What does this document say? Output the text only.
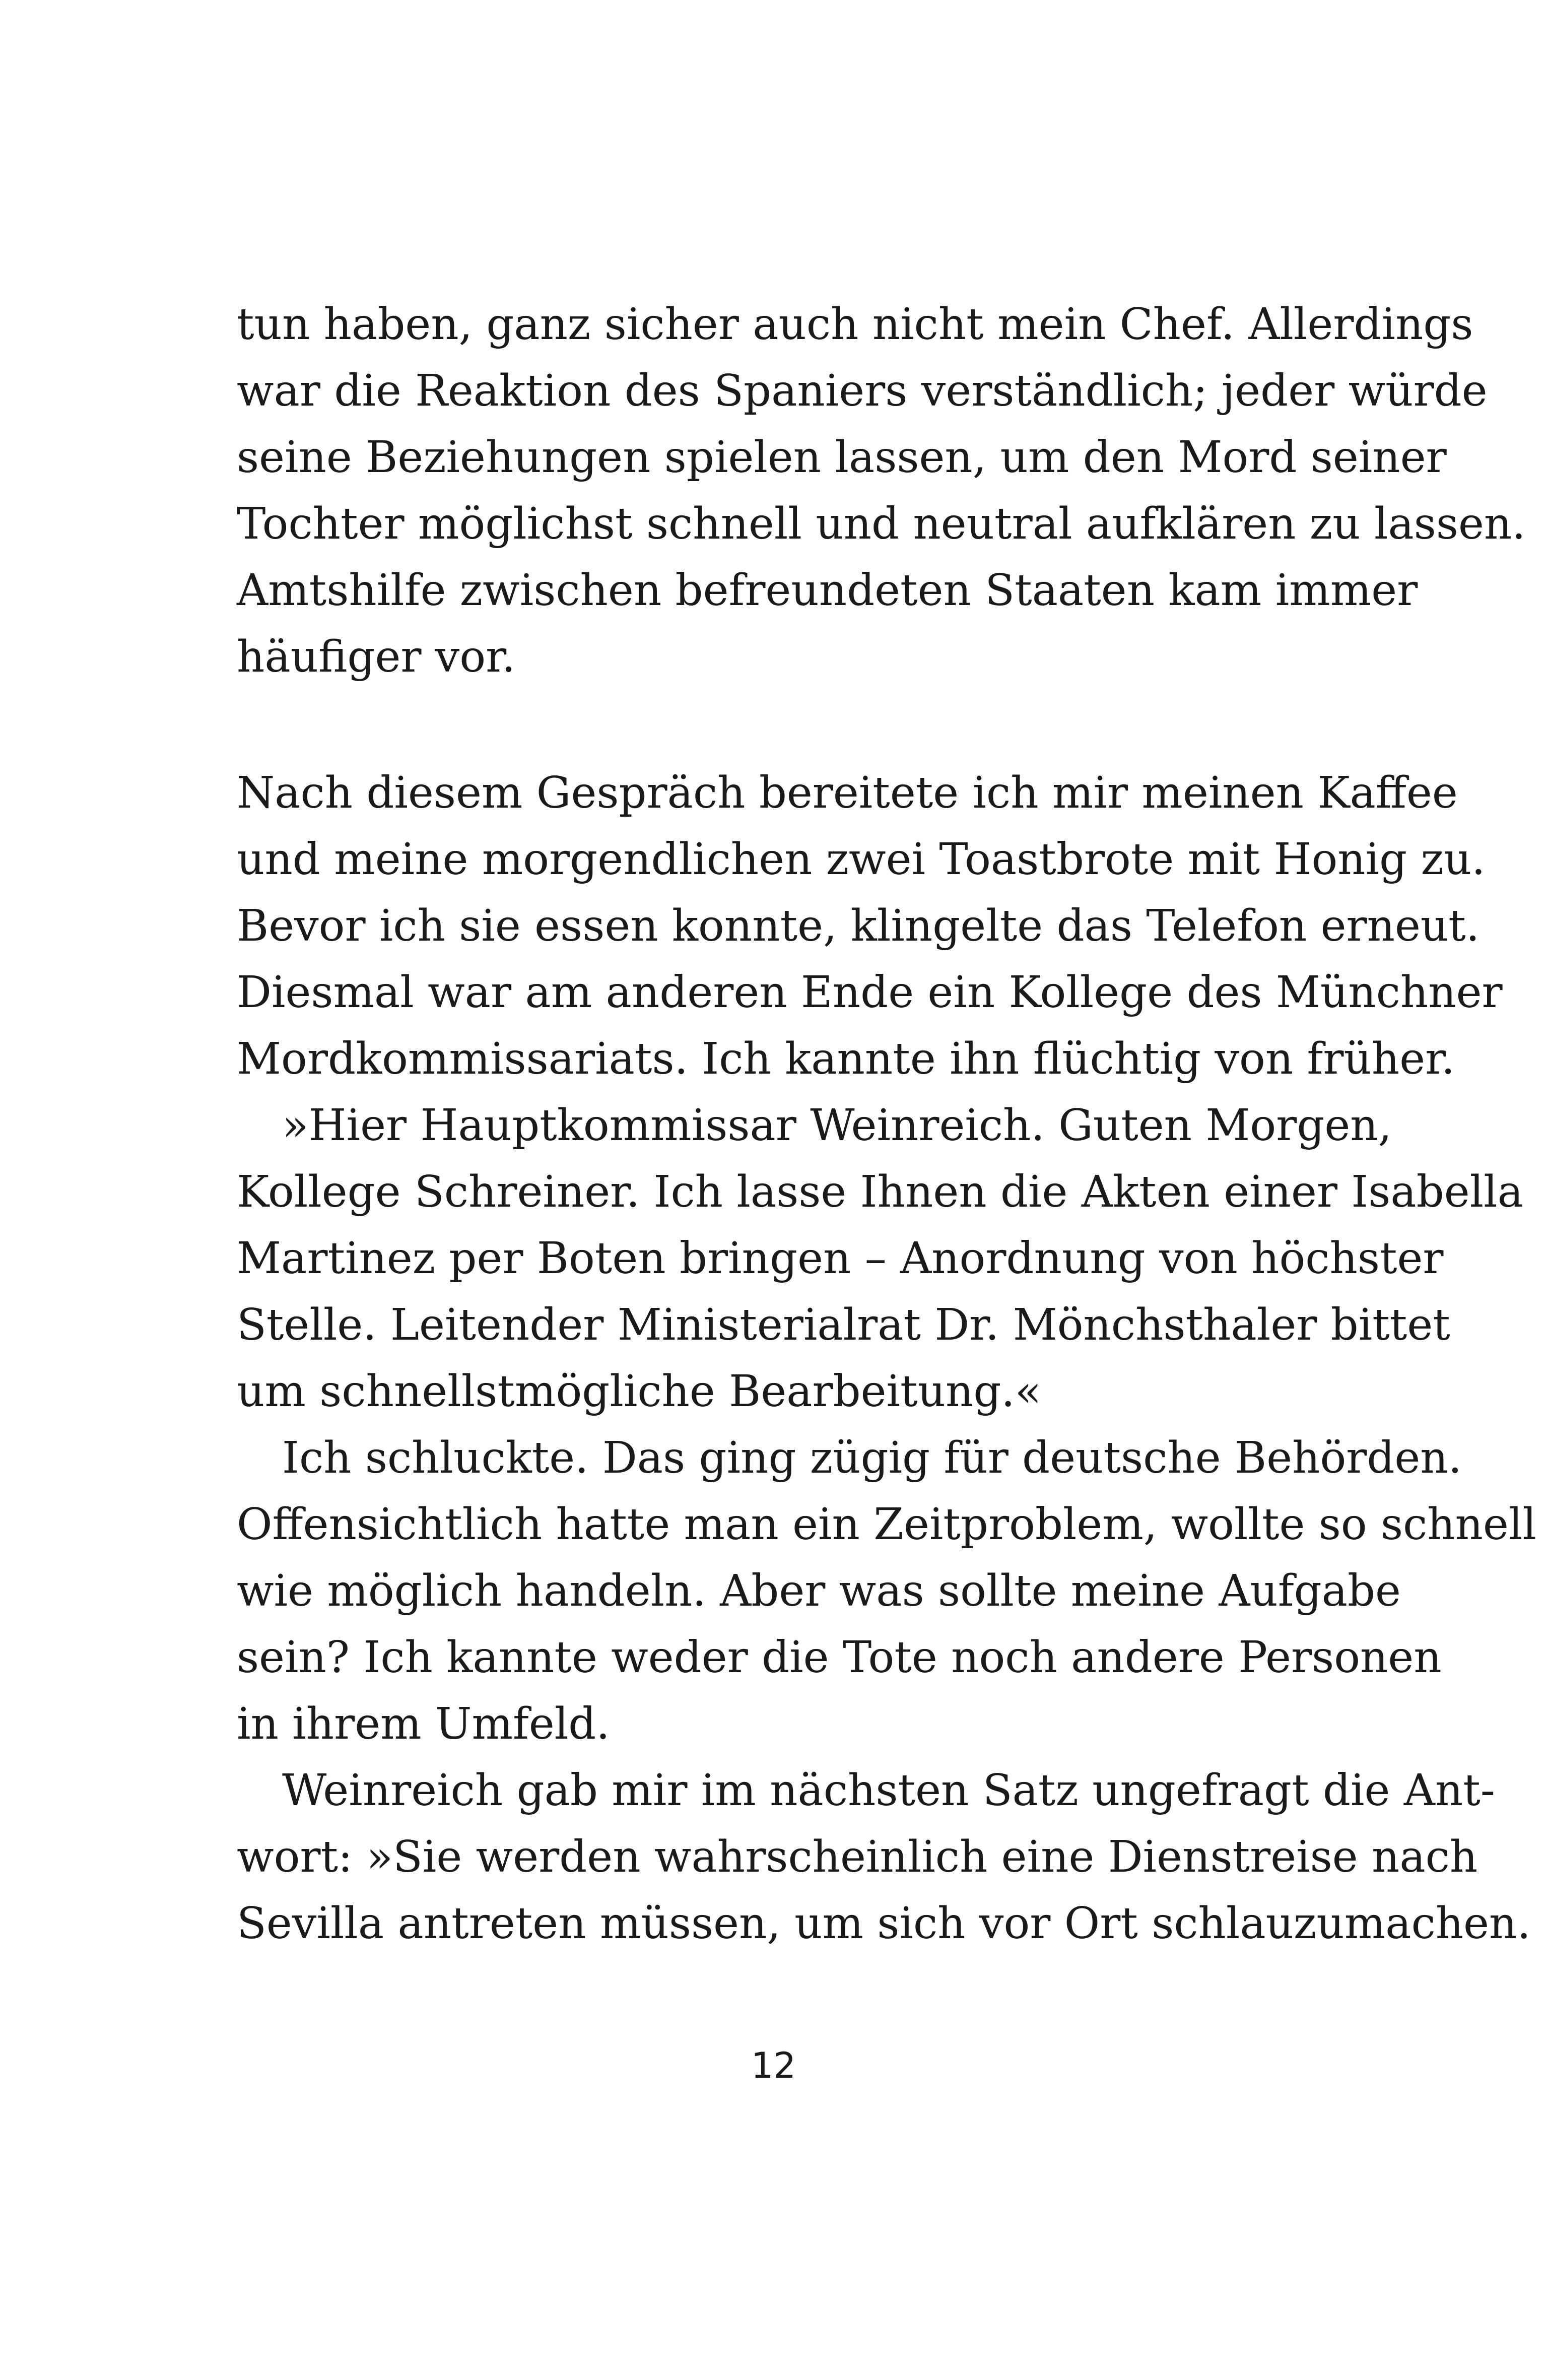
tun haben, ganz sicher auch nicht mein Chef. Allerdings
war die Reaktion des Spaniers verständlich; jeder würde
seine Beziehungen spielen lassen, um den Mord seiner
Tochter möglichst schnell und neutral aufklären zu lassen.
Amtshilfe zwischen befreundeten Staaten kam immer
häufiger vor.
Nach diesem Gespräch bereitete ich mir meinen Kaffee
und meine morgendlichen zwei Toastbrote mit Honig zu.
Bevor ich sie essen konnte, klingelte das Telefon erneut.
Diesmal war am anderen Ende ein Kollege des Münchner
Mordkommissariats. Ich kannte ihn flüchtig von früher.
»Hier Hauptkommissar Weinreich. Guten Morgen,
Kollege Schreiner. Ich lasse Ihnen die Akten einer Isabella
Martinez per Boten bringen – Anordnung von höchster
Stelle. Leitender Ministerialrat Dr. Mönchsthaler bittet
um schnellstmögliche Bearbeitung.«
Ich schluckte. Das ging zügig für deutsche Behörden.
Offensichtlich hatte man ein Zeitproblem, wollte so schnell
wie möglich handeln. Aber was sollte meine Aufgabe
sein? Ich kannte weder die Tote noch andere Personen
in ihrem Umfeld.
Weinreich gab mir im nächsten Satz ungefragt die Ant-
wort: »Sie werden wahrscheinlich eine Dienstreise nach
Sevilla antreten müssen, um sich vor Ort schlauzumachen.
12
